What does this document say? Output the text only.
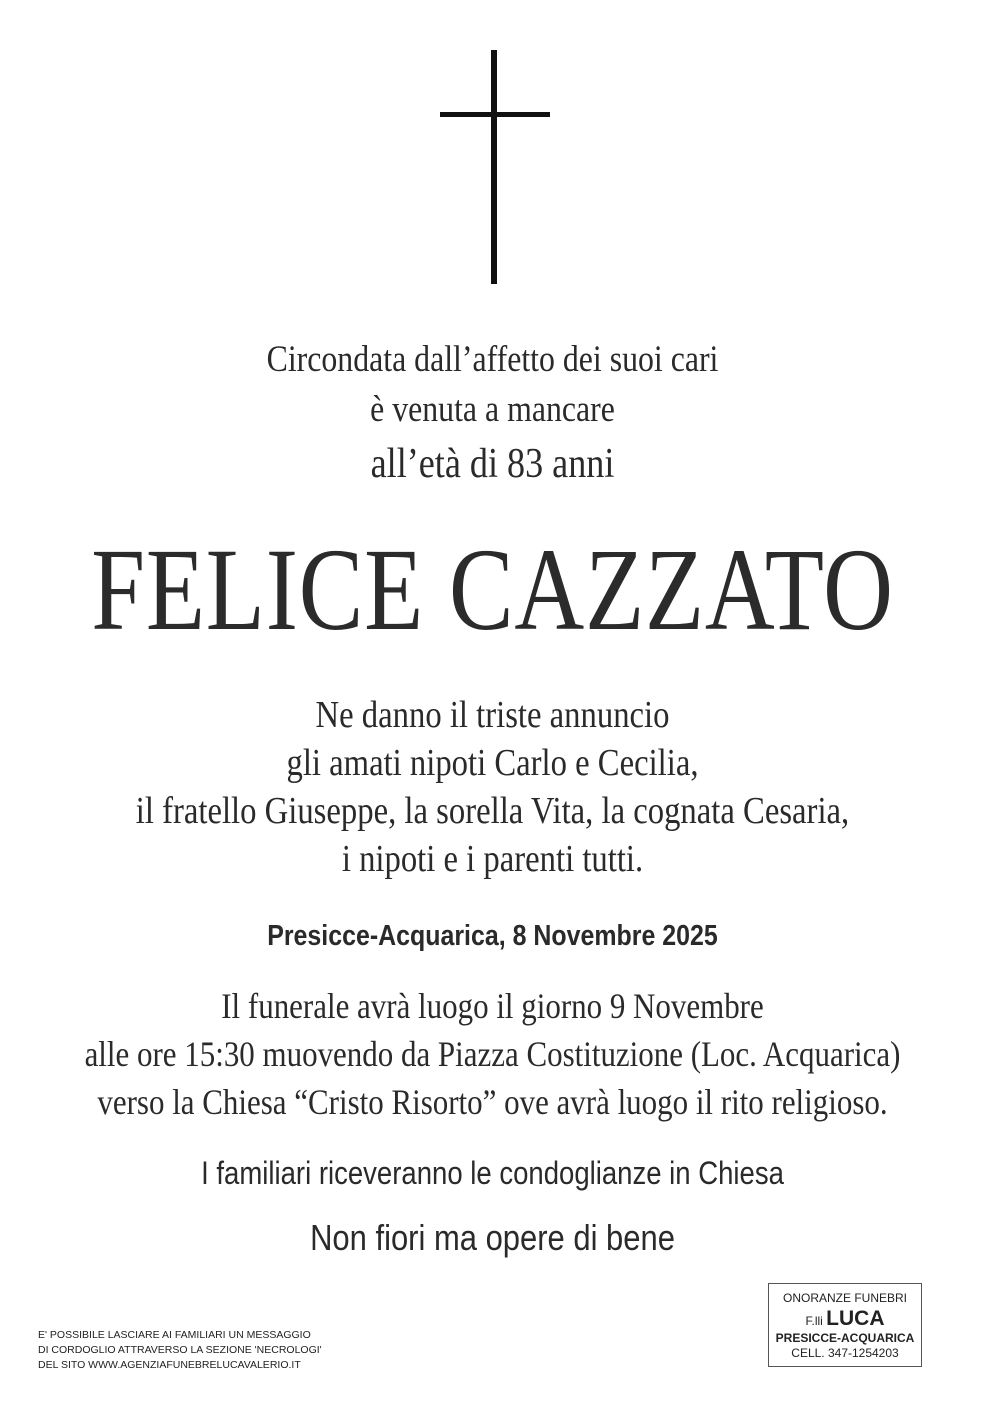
Circondata dall’affetto dei suoi cari
è venuta a mancare
all’età di 83 anni
FELICE CAZZATO
Ne danno il triste annuncio
gli amati nipoti Carlo e Cecilia,
il fratello Giuseppe, la sorella Vita, la cognata Cesaria,
i nipoti e i parenti tutti.
Presicce-Acquarica, 8 Novembre 2025
Il funerale avrà luogo il giorno 9 Novembre
alle ore 15:30 muovendo da Piazza Costituzione (Loc. Acquarica)
verso la Chiesa “Cristo Risorto” ove avrà luogo il rito religioso.
I familiari riceveranno le condoglianze in Chiesa
Non fiori ma opere di bene
E' POSSIBILE LASCIARE AI FAMILIARI UN MESSAGGIO
DI CORDOGLIO ATTRAVERSO LA SEZIONE 'NECROLOGI'
DEL SITO WWW.AGENZIAFUNEBRELUCAVALERIO.IT
ONORANZE FUNEBRI
F.lli LUCA
PRESICCE-ACQUARICA
CELL. 347-1254203
